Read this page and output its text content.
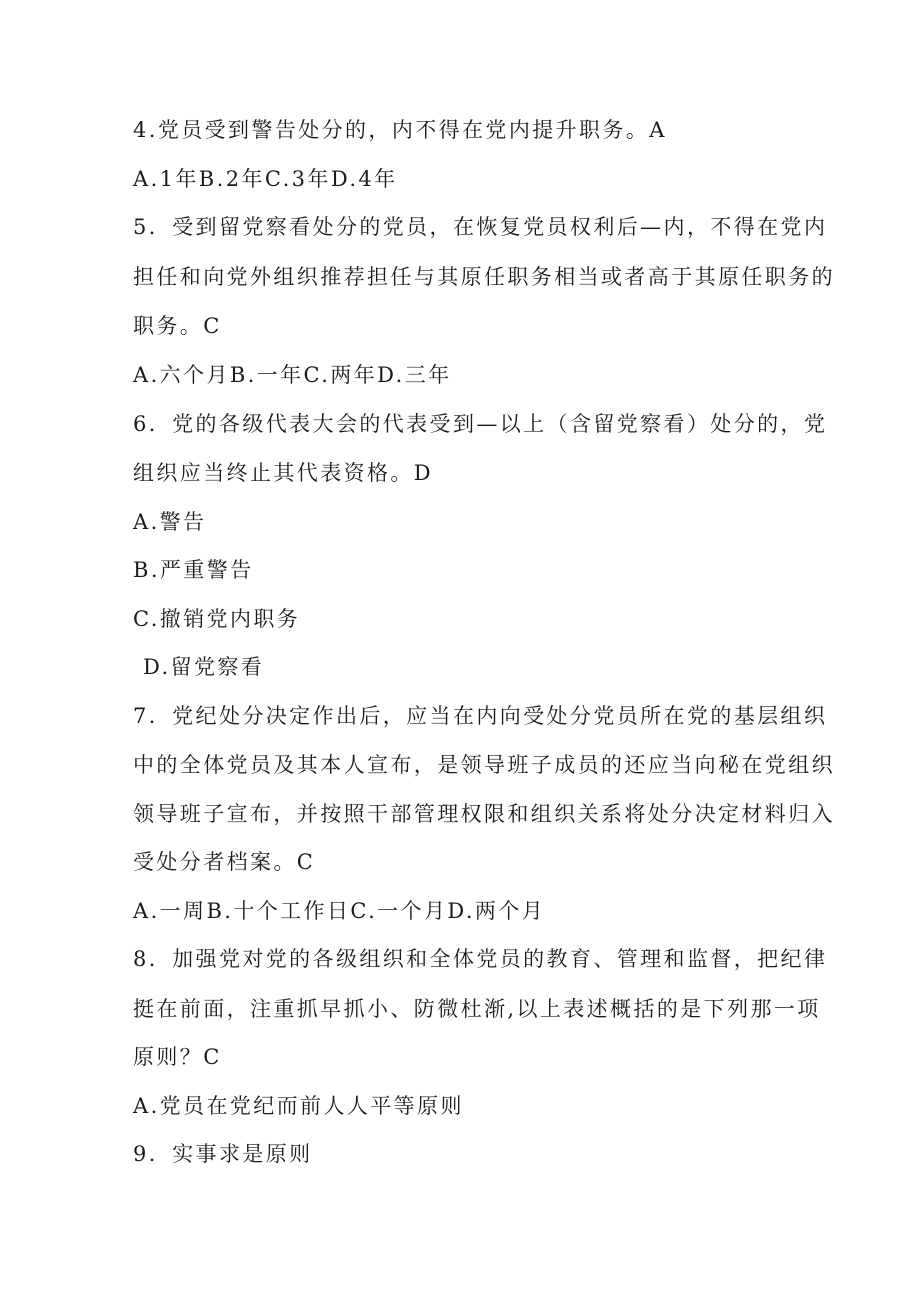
4.党员受到警告处分的，内不得在党内提升职务。A

A.1年B.2年C.3年D.4年

5．受到留党察看处分的党员，在恢复党员权利后—内，不得在党内

担任和向党外组织推荐担任与其原任职务相当或者高于其原任职务的

职务。C

A.六个月B.一年C.两年D.三年

6．党的各级代表大会的代表受到—以上（含留党察看）处分的，党

组织应当终止其代表资格。D

A.警告

B.严重警告

C.撤销党内职务

D.留党察看

7．党纪处分决定作出后，应当在内向受处分党员所在党的基层组织

中的全体党员及其本人宣布，是领导班子成员的还应当向秘在党组织

领导班子宣布，并按照干部管理权限和组织关系将处分决定材料归入

受处分者档案。C

A.一周B.十个工作日C.一个月D.两个月

8．加强党对党的各级组织和全体党员的教育、管理和监督，把纪律

挺在前面，注重抓早抓小、防微杜渐,以上表述概括的是下列那一项

原则？C

A.党员在党纪而前人人平等原则

9．实事求是原则
